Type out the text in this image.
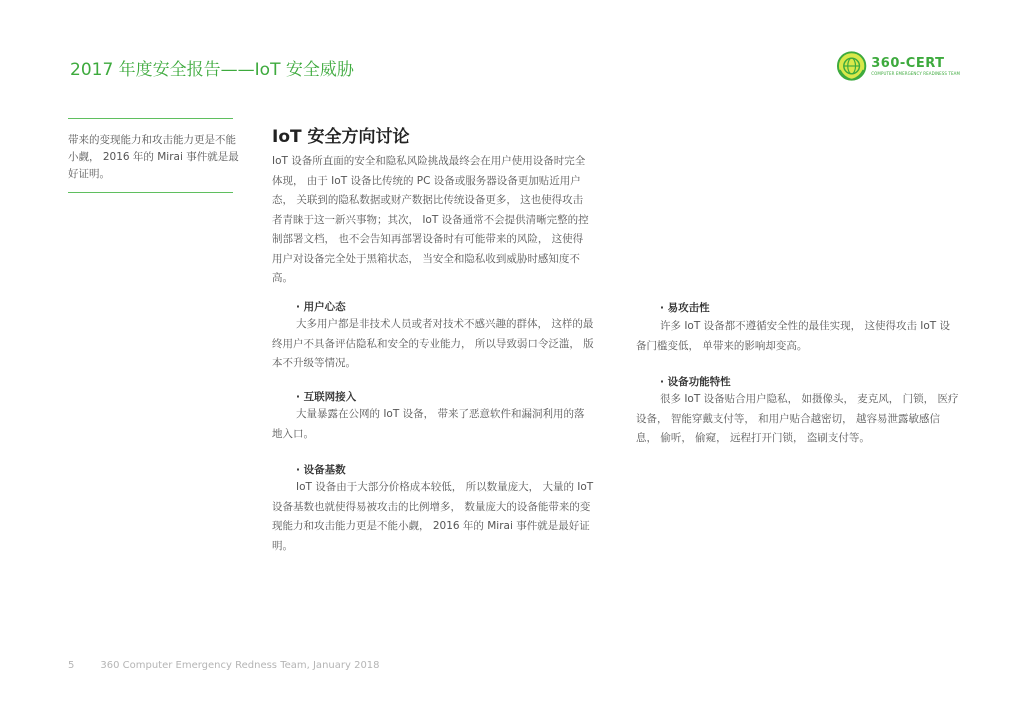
2017 年度安全报告——IoT 安全威胁	360-CERT
COMPUTER EMERGENCY READINESS TEAM
带来的变现能力和攻击能力更是不能小觑， 2016 年的 Mirai 事件就是最好证明。
IoT 安全方向讨论
IoT 设备所直面的安全和隐私风险挑战最终会在用户使用设备时完全体现， 由于 IoT 设备比传统的 PC 设备或服务器设备更加贴近用户态， 关联到的隐私数据或财产数据比传统设备更多， 这也使得攻击者青睐于这一新兴事物；其次， IoT 设备通常不会提供清晰完整的控制部署文档， 也不会告知再部署设备时有可能带来的风险， 这使得用户对设备完全处于黑箱状态， 当安全和隐私收到威胁时感知度不高。
· 用户心态
大多用户都是非技术人员或者对技术不感兴趣的群体， 这样的最终用户不具备评估隐私和安全的专业能力， 所以导致弱口令泛滥， 版本不升级等情况。
· 互联网接入
大量暴露在公网的 IoT 设备， 带来了恶意软件和漏洞利用的落地入口。
· 设备基数
IoT 设备由于大部分价格成本较低， 所以数量庞大， 大量的 IoT 设备基数也就使得易被攻击的比例增多， 数量庞大的设备能带来的变现能力和攻击能力更是不能小觑， 2016 年的 Mirai 事件就是最好证明。
· 易攻击性
许多 IoT 设备都不遵循安全性的最佳实现， 这使得攻击 IoT 设备门槛变低， 单带来的影响却变高。
· 设备功能特性
很多 IoT 设备贴合用户隐私， 如摄像头， 麦克风， 门锁， 医疗设备， 智能穿戴支付等， 和用户贴合越密切， 越容易泄露敏感信息， 偷听， 偷窥， 远程打开门锁， 盗刷支付等。
5	360 Computer Emergency Redness Team, January 2018
